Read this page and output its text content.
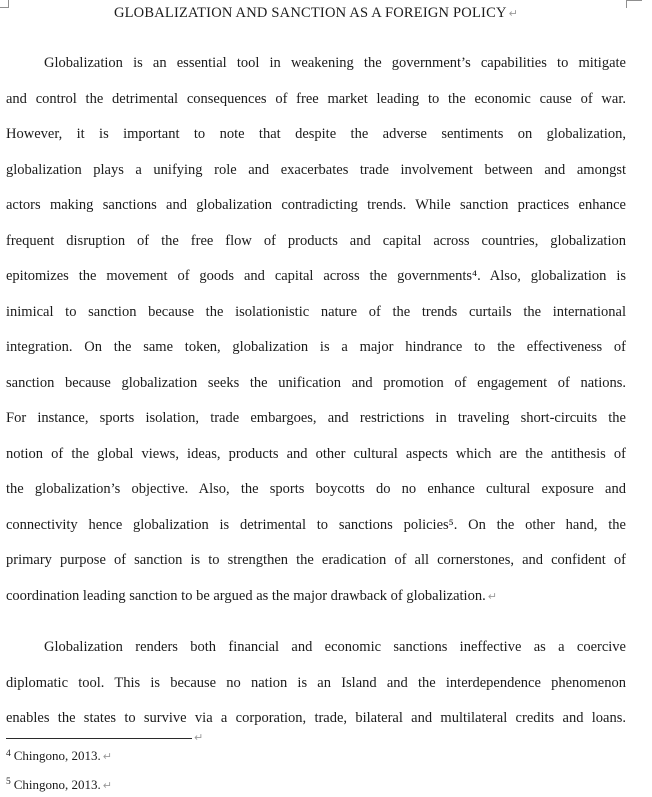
GLOBALIZATION AND SANCTION AS A FOREIGN POLICY ↵
Globalization is an essential tool in weakening the government’s capabilities to mitigate
and control the detrimental consequences of free market leading to the economic cause of war.
However, it is important to note that despite the adverse sentiments on globalization,
globalization plays a unifying role and exacerbates trade involvement between and amongst
actors making sanctions and globalization contradicting trends. While sanction practices enhance
frequent disruption of the free flow of products and capital across countries, globalization
epitomizes the movement of goods and capital across the governments⁴. Also, globalization is
inimical to sanction because the isolationistic nature of the trends curtails the international
integration. On the same token, globalization is a major hindrance to the effectiveness of
sanction because globalization seeks the unification and promotion of engagement of nations.
For instance, sports isolation, trade embargoes, and restrictions in traveling short-circuits the
notion of the global views, ideas, products and other cultural aspects which are the antithesis of
the globalization’s objective. Also, the sports boycotts do no enhance cultural exposure and
connectivity hence globalization is detrimental to sanctions policies⁵. On the other hand, the
primary purpose of sanction is to strengthen the eradication of all cornerstones, and confident of
coordination leading sanction to be argued as the major drawback of globalization. ↵
Globalization renders both financial and economic sanctions ineffective as a coercive
diplomatic tool. This is because no nation is an Island and the interdependence phenomenon
enables the states to survive via a corporation, trade, bilateral and multilateral credits and loans.
↵
$^4$ Chingono, 2013. ↵
$^5$ Chingono, 2013. ↵
